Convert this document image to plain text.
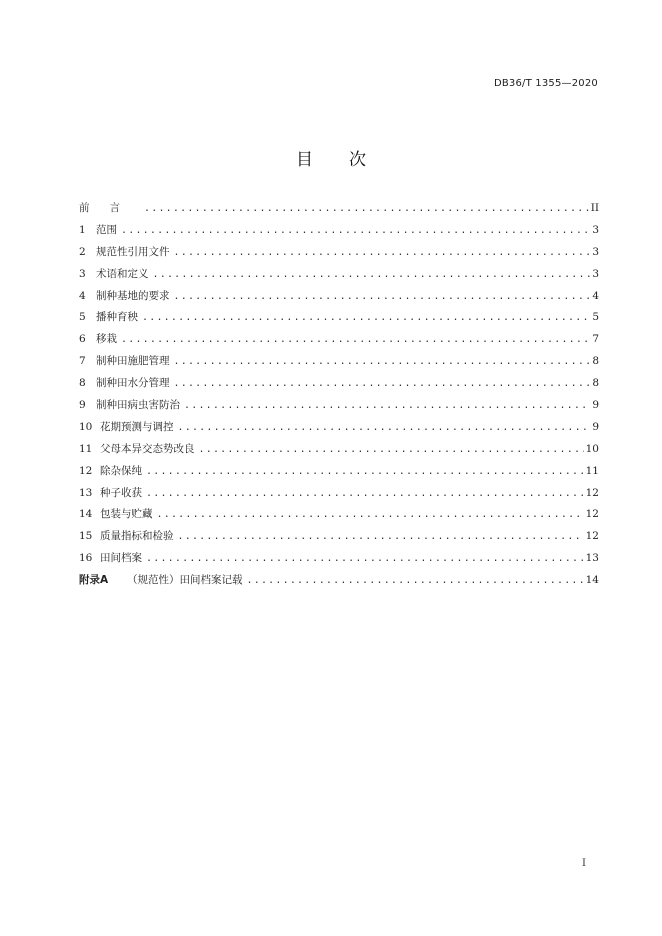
DB36/T 1355—2020
目 次
前言 .....	II
1 范围 .....	3
2 规范性引用文件 .....	3
3 术语和定义 .....	3
4 制种基地的要求 .....	4
5 播种育秧 .....	5
6 移栽 .....	7
7 制种田施肥管理 .....	8
8 制种田水分管理 .....	8
9 制种田病虫害防治 .....	9
10 花期预测与调控 .....	9
11 父母本异交态势改良 .....	10
12 除杂保纯 .....	11
13 种子收获 .....	12
14 包装与贮藏 .....	12
15 质量指标和检验 .....	12
16 田间档案 .....	13
附录A	（规范性）田间档案记载 .....	14
I
